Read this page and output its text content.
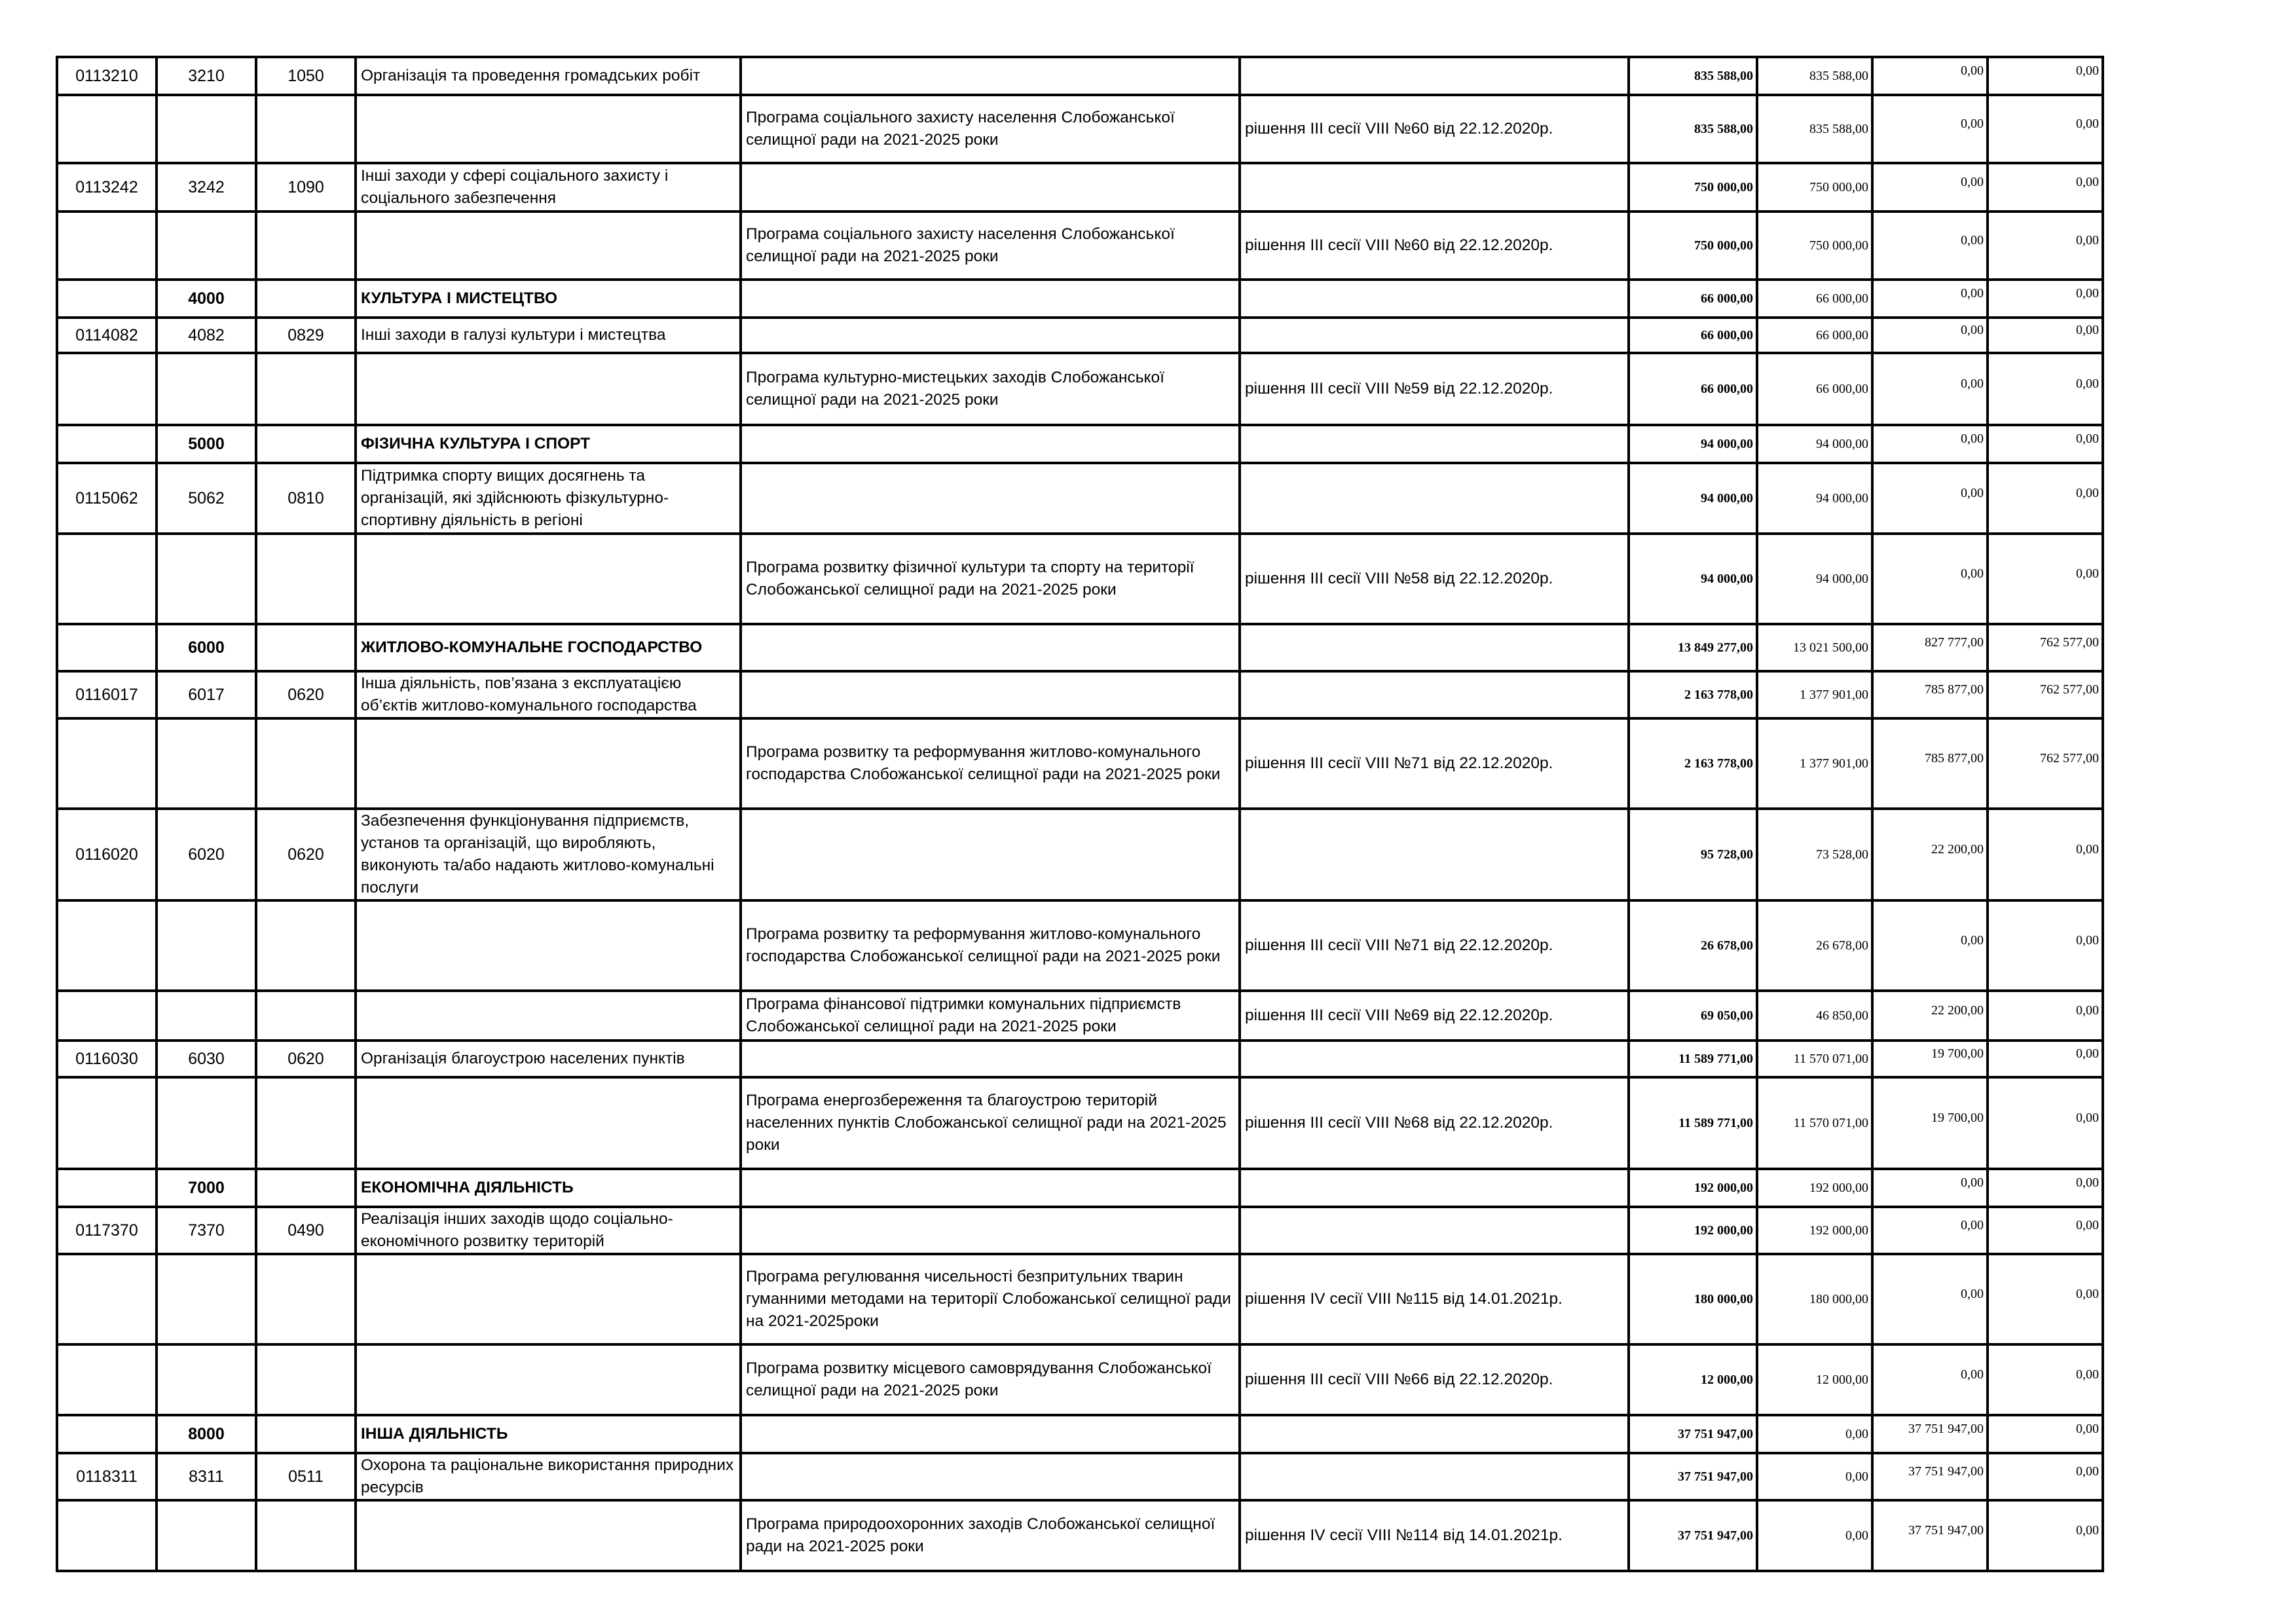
0113210	3210	1050	Організація та проведення громадських робіт			835 588,00	835 588,00	0,00	0,00

				Програма соціального захисту населення Слобожанської селищної ради на 2021-2025 роки	рішення ІІІ сесії VIII №60 від 22.12.2020р.	835 588,00	835 588,00	0,00	0,00

0113242	3242	1090	Інші заходи у сфері соціального захисту і соціального забезпечення			750 000,00	750 000,00	0,00	0,00

				Програма соціального захисту населення Слобожанської селищної ради на 2021-2025 роки	рішення ІІІ сесії VIII №60 від 22.12.2020р.	750 000,00	750 000,00	0,00	0,00

	4000		КУЛЬТУРА І МИСТЕЦТВО			66 000,00	66 000,00	0,00	0,00

0114082	4082	0829	Інші заходи в галузі культури і мистецтва			66 000,00	66 000,00	0,00	0,00

				Програма культурно-мистецьких заходів Слобожанської селищної ради на 2021-2025 роки	рішення ІІІ сесії VIII №59 від 22.12.2020р.	66 000,00	66 000,00	0,00	0,00

	5000		ФІЗИЧНА КУЛЬТУРА І СПОРТ			94 000,00	94 000,00	0,00	0,00

0115062	5062	0810	Підтримка спорту вищих досягнень та організацій, які здійснюють фізкультурно-спортивну діяльність в регіоні			94 000,00	94 000,00	0,00	0,00

				Програма розвитку фізичної культури та спорту на території Слобожанської селищної ради на 2021-2025 роки	рішення ІІІ сесії VIII №58 від 22.12.2020р.	94 000,00	94 000,00	0,00	0,00

	6000		ЖИТЛОВО-КОМУНАЛЬНЕ ГОСПОДАРСТВО			13 849 277,00	13 021 500,00	827 777,00	762 577,00

0116017	6017	0620	Інша діяльність, пов’язана з експлуатацією об’єктів житлово-комунального господарства			2 163 778,00	1 377 901,00	785 877,00	762 577,00

				Програма розвитку та реформування житлово-комунального господарства Слобожанської селищної ради на 2021-2025 роки	рішення ІІІ сесії VIII №71 від 22.12.2020р.	2 163 778,00	1 377 901,00	785 877,00	762 577,00

0116020	6020	0620	Забезпечення функціонування підприємств, установ та організацій, що виробляють, виконують та/або надають житлово-комунальні послуги			95 728,00	73 528,00	22 200,00	0,00

				Програма розвитку та реформування житлово-комунального господарства Слобожанської селищної ради на 2021-2025 роки	рішення ІІІ сесії VIII №71 від 22.12.2020р.	26 678,00	26 678,00	0,00	0,00

				Програма фінансової підтримки комунальних підприємств Слобожанської селищної ради на 2021-2025 роки	рішення ІІІ сесії VIII №69 від 22.12.2020р.	69 050,00	46 850,00	22 200,00	0,00

0116030	6030	0620	Організація благоустрою населених пунктів			11 589 771,00	11 570 071,00	19 700,00	0,00

				Програма енергозбереження та благоустрою територій населенних пунктів Слобожанської селищної ради на 2021-2025 роки	рішення ІІІ сесії VIII №68 від 22.12.2020р.	11 589 771,00	11 570 071,00	19 700,00	0,00

	7000		ЕКОНОМІЧНА ДІЯЛЬНІСТЬ			192 000,00	192 000,00	0,00	0,00

0117370	7370	0490	Реалізація інших заходів щодо соціально-економічного розвитку територій			192 000,00	192 000,00	0,00	0,00

				Програма регулювання чисельності безпритульних тварин гуманними методами на території Слобожанської селищної ради на 2021-2025роки	рішення IV сесії VIII №115 від 14.01.2021р.	180 000,00	180 000,00	0,00	0,00

				Програма розвитку місцевого самоврядування Слобожанської селищної ради на 2021-2025 роки	рішення ІІІ сесії VIII №66 від 22.12.2020р.	12 000,00	12 000,00	0,00	0,00

	8000		ІНША ДІЯЛЬНІСТЬ			37 751 947,00	0,00	37 751 947,00	0,00

0118311	8311	0511	Охорона та раціональне використання природних ресурсів			37 751 947,00	0,00	37 751 947,00	0,00

				Програма природоохоронних заходів Слобожанської селищної ради на 2021-2025 роки	рішення IV сесії VIII №114 від 14.01.2021р.	37 751 947,00	0,00	37 751 947,00	0,00
